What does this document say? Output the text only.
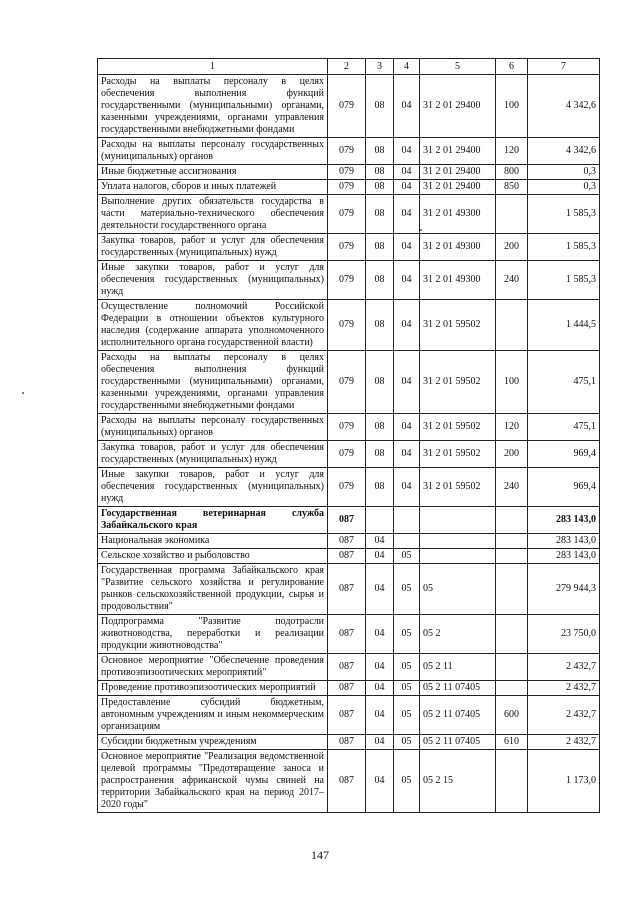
1	2	3	4	5	6	7
Расходы на выплаты персоналу в целях обеспечения выполнения функций государственными (муниципальными) органами, казенными учреждениями, органами управления государственными внебюджетными фондами	079	08	04	31 2 01 29400	100	4 342,6
Расходы на выплаты персоналу государственных (муниципальных) органов	079	08	04	31 2 01 29400	120	4 342,6
Иные бюджетные ассигнования	079	08	04	31 2 01 29400	800	0,3
Уплата налогов, сборов и иных платежей	079	08	04	31 2 01 29400	850	0,3
Выполнение других обязательств государства в части материально-технического обеспечения деятельности государственного органа	079	08	04	31 2 01 49300		1 585,3
Закупка товаров, работ и услуг для обеспечения государственных (муниципальных) нужд	079	08	04	31 2 01 49300	200	1 585,3
Иные закупки товаров, работ и услуг для обеспечения государственных (муниципальных) нужд	079	08	04	31 2 01 49300	240	1 585,3
Осуществление полномочий Российской Федерации в отношении объектов культурного наследия (содержание аппарата уполномоченного исполнительного органа государственной власти)	079	08	04	31 2 01 59502		1 444,5
Расходы на выплаты персоналу в целях обеспечения выполнения функций государственными (муниципальными) органами, казенными учреждениями, органами управления государственными внебюджетными фондами	079	08	04	31 2 01 59502	100	475,1
Расходы на выплаты персоналу государственных (муниципальных) органов	079	08	04	31 2 01 59502	120	475,1
Закупка товаров, работ и услуг для обеспечения государственных (муниципальных) нужд	079	08	04	31 2 01 59502	200	969,4
Иные закупки товаров, работ и услуг для обеспечения государственных (муниципальных) нужд	079	08	04	31 2 01 59502	240	969,4
Государственная ветеринарная служба Забайкальского края	087					283 143,0
Национальная экономика	087	04				283 143,0
Сельское хозяйство и рыболовство	087	04	05			283 143,0
Государственная программа Забайкальского края "Развитие сельского хозяйства и регулирование рынков сельскохозяйственной продукции, сырья и продовольствия"	087	04	05	05		279 944,3
Подпрограмма "Развитие подотрасли животноводства, переработки и реализации продукции животноводства"	087	04	05	05 2		23 750,0
Основное мероприятие "Обеспечение проведения противоэпизоотических мероприятий"	087	04	05	05 2 11		2 432,7
Проведение противоэпизоотических мероприятий	087	04	05	05 2 11 07405		2 432,7
Предоставление субсидий бюджетным, автономным учреждениям и иным некоммерческим организациям	087	04	05	05 2 11 07405	600	2 432,7
Субсидии бюджетным учреждениям	087	04	05	05 2 11 07405	610	2 432,7
Основное мероприятие "Реализация ведомственной целевой программы "Предотвращение заноса и распространения африканской чумы свиней на территории Забайкальского края на период 2017–2020 годы"	087	04	05	05 2 15		1 173,0
147
